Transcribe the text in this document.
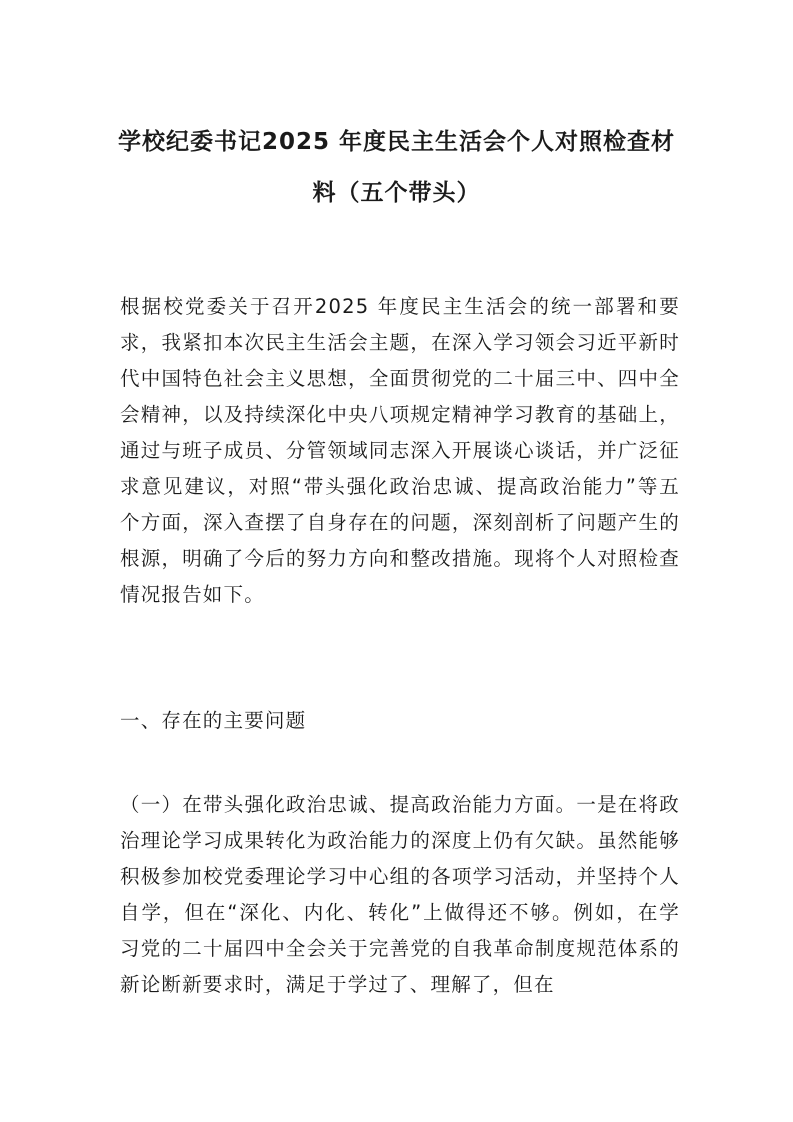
学校纪委书记2025 年度民主生活会个人对照检查材
料（五个带头）

根据校党委关于召开2025 年度民主生活会的统一部署和要求，我紧扣本次民主生活会主题，在深入学习领会习近平新时代中国特色社会主义思想，全面贯彻党的二十届三中、四中全会精神，以及持续深化中央八项规定精神学习教育的基础上，通过与班子成员、分管领域同志深入开展谈心谈话，并广泛征求意见建议，对照“带头强化政治忠诚、提高政治能力”等五个方面，深入查摆了自身存在的问题，深刻剖析了问题产生的根源，明确了今后的努力方向和整改措施。现将个人对照检查情况报告如下。

一、存在的主要问题

（一）在带头强化政治忠诚、提高政治能力方面。一是在将政治理论学习成果转化为政治能力的深度上仍有欠缺。虽然能够积极参加校党委理论学习中心组的各项学习活动，并坚持个人自学，但在“深化、内化、转化”上做得还不够。例如，在学习党的二十届四中全会关于完善党的自我革命制度规范体系的新论断新要求时，满足于学过了、理解了，但在
